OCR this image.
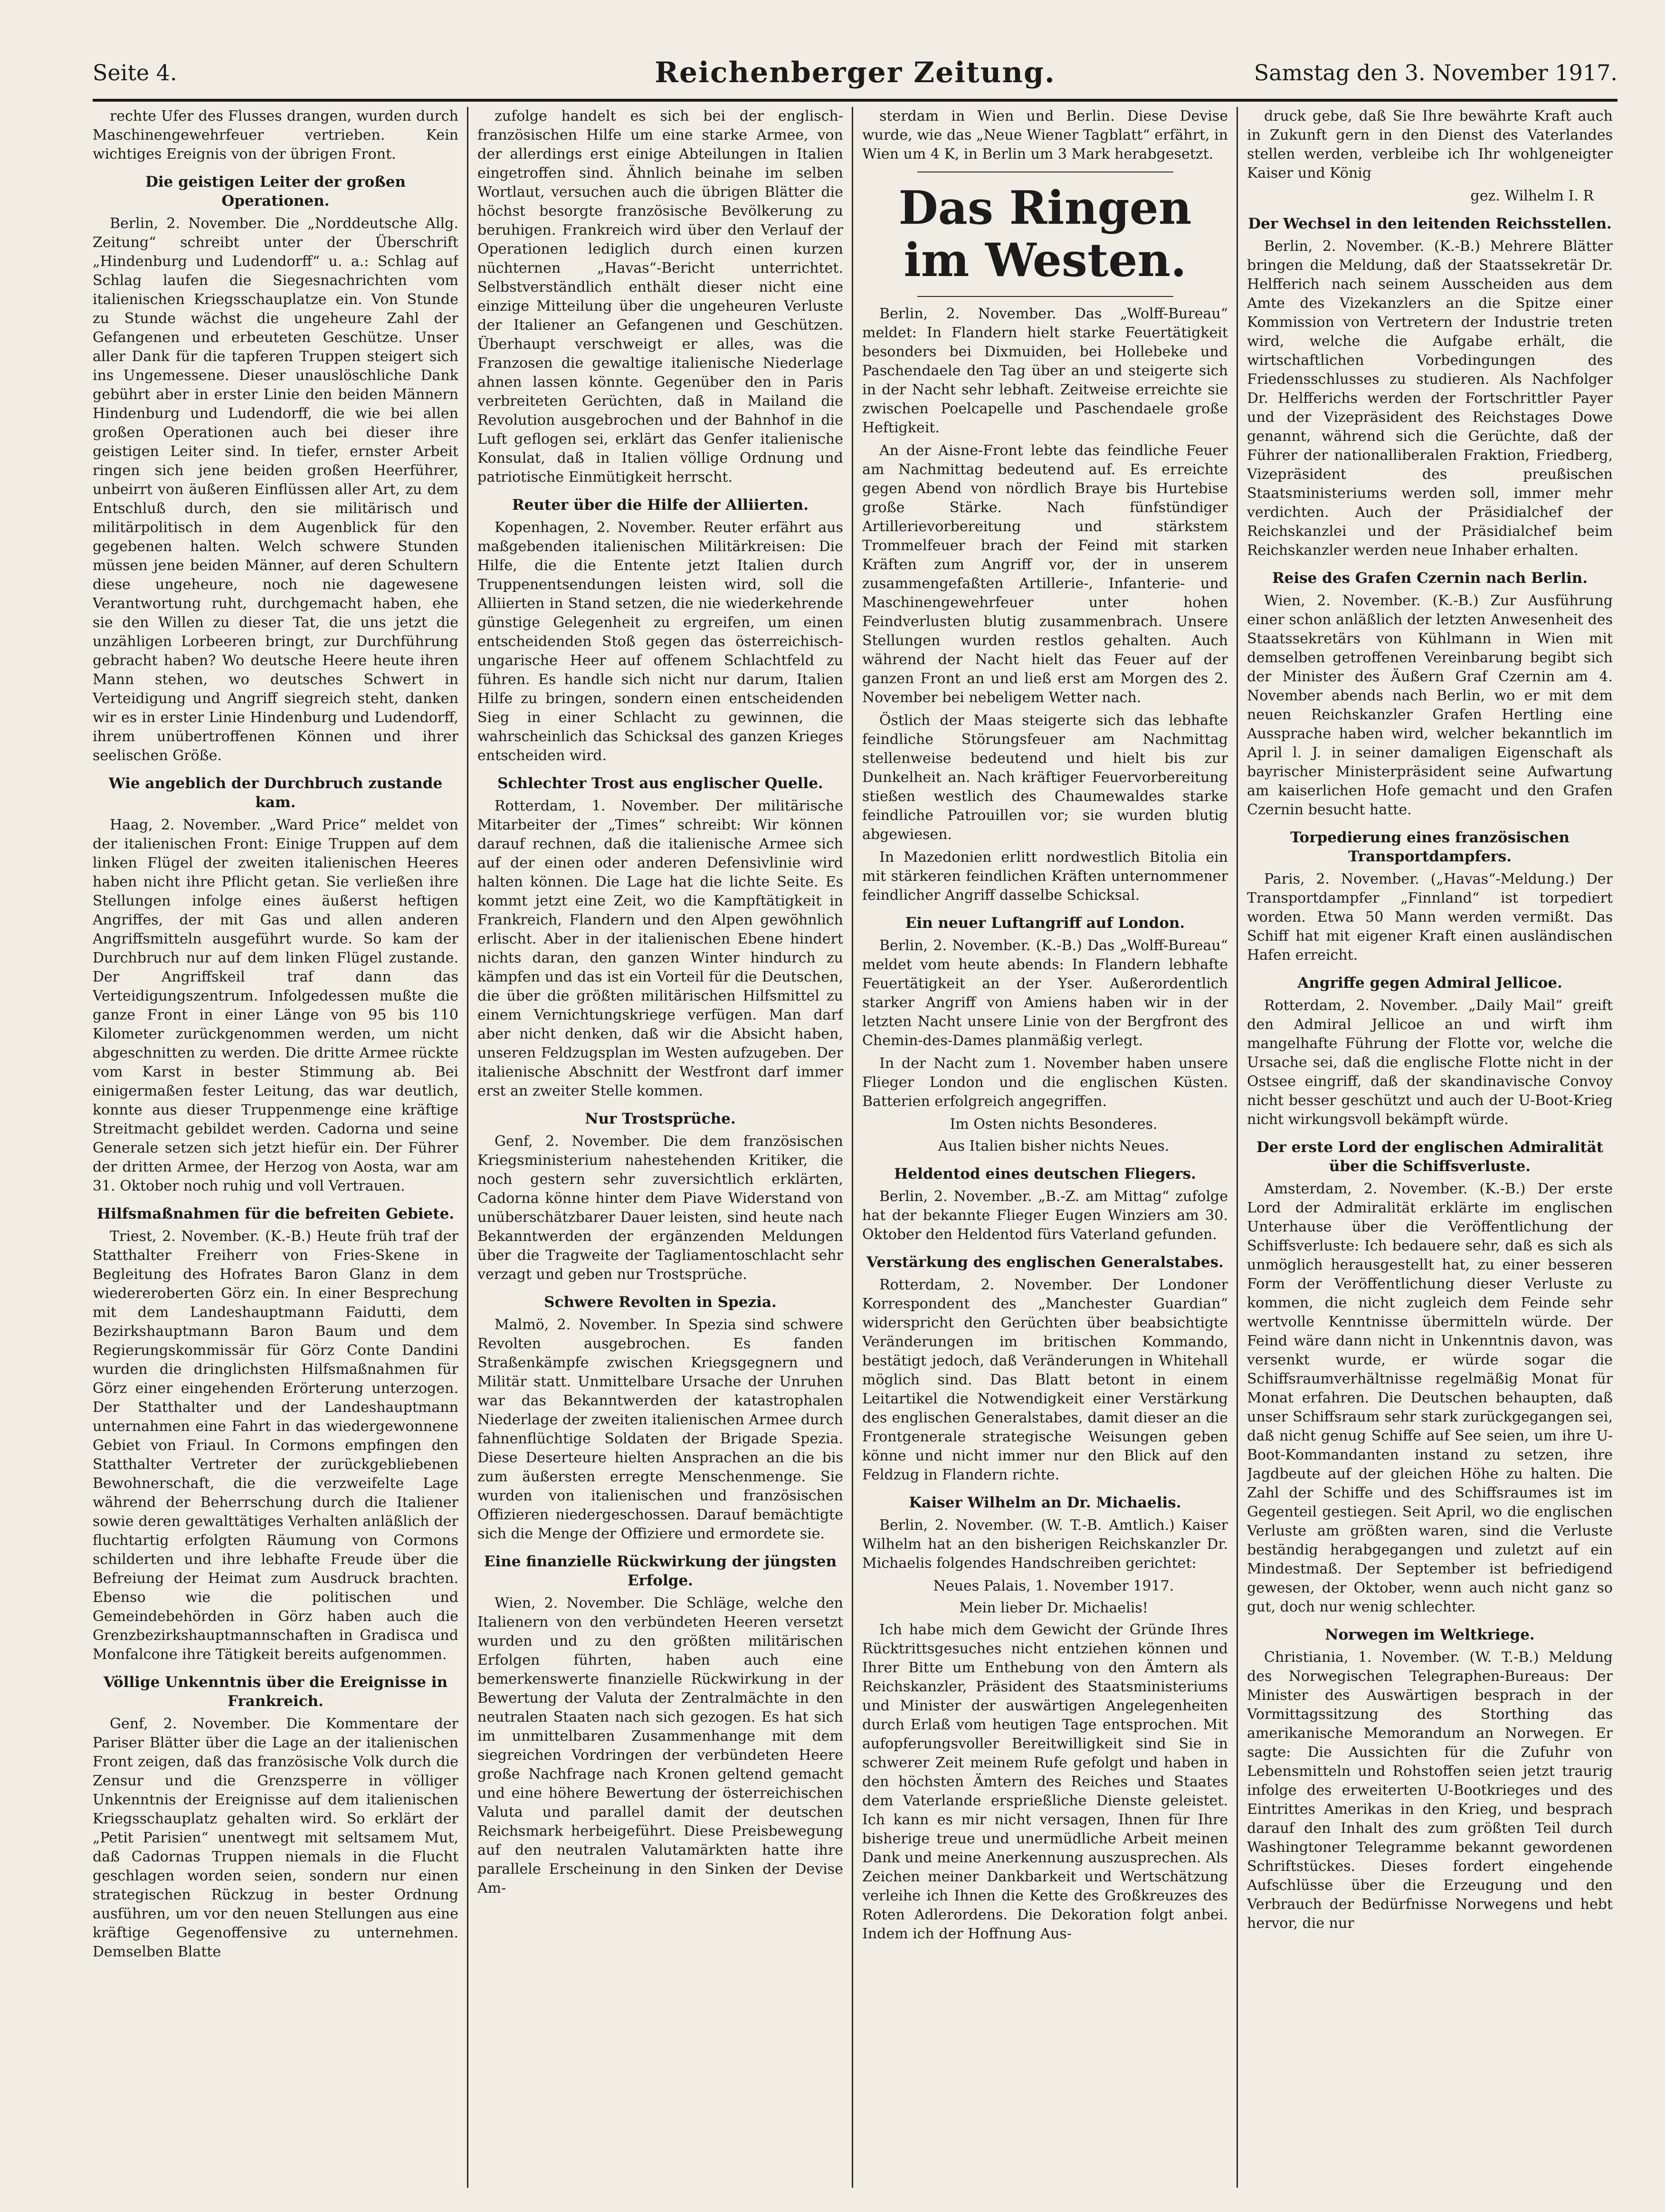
Seite 4.	Reichenberger Zeitung.	Samstag den 3. November 1917.

rechte Ufer des Flusses drangen, wurden durch Maschinengewehrfeuer vertrieben. Kein wichtiges Ereignis von der übrigen Front.

Die geistigen Leiter der großen Operationen.

Berlin, 2. November. Die „Norddeutsche Allg. Zeitung“ schreibt unter der Überschrift „Hindenburg und Ludendorff“ u. a.: Schlag auf Schlag laufen die Siegesnachrichten vom italienischen Kriegsschauplatze ein. Von Stunde zu Stunde wächst die ungeheure Zahl der Gefangenen und erbeuteten Geschütze. Unser aller Dank für die tapferen Truppen steigert sich ins Ungemessene. Dieser unauslöschliche Dank gebührt aber in erster Linie den beiden Männern Hindenburg und Ludendorff, die wie bei allen großen Operationen auch bei dieser ihre geistigen Leiter sind. In tiefer, ernster Arbeit ringen sich jene beiden großen Heerführer, unbeirrt von äußeren Einflüssen aller Art, zu dem Entschluß durch, den sie militärisch und militärpolitisch in dem Augenblick für den gegebenen halten. Welch schwere Stunden müssen jene beiden Männer, auf deren Schultern diese ungeheure, noch nie dagewesene Verantwortung ruht, durchgemacht haben, ehe sie den Willen zu dieser Tat, die uns jetzt die unzähligen Lorbeeren bringt, zur Durchführung gebracht haben? Wo deutsche Heere heute ihren Mann stehen, wo deutsches Schwert in Verteidigung und Angriff siegreich steht, danken wir es in erster Linie Hindenburg und Ludendorff, ihrem unübertroffenen Können und ihrer seelischen Größe.

Wie angeblich der Durchbruch zustande kam.

Haag, 2. November. „Ward Price“ meldet von der italienischen Front: Einige Truppen auf dem linken Flügel der zweiten italienischen Heeres haben nicht ihre Pflicht getan. Sie verließen ihre Stellungen infolge eines äußerst heftigen Angriffes, der mit Gas und allen anderen Angriffsmitteln ausgeführt wurde. So kam der Durchbruch nur auf dem linken Flügel zustande. Der Angriffskeil traf dann das Verteidigungszentrum. Infolgedessen mußte die ganze Front in einer Länge von 95 bis 110 Kilometer zurückgenommen werden, um nicht abgeschnitten zu werden. Die dritte Armee rückte vom Karst in bester Stimmung ab. Bei einigermaßen fester Leitung, das war deutlich, konnte aus dieser Truppenmenge eine kräftige Streitmacht gebildet werden. Cadorna und seine Generale setzen sich jetzt hiefür ein. Der Führer der dritten Armee, der Herzog von Aosta, war am 31. Oktober noch ruhig und voll Vertrauen.

Hilfsmaßnahmen für die befreiten Gebiete.

Triest, 2. November. (K.-B.) Heute früh traf der Statthalter Freiherr von Fries-Skene in Begleitung des Hofrates Baron Glanz in dem wiedereroberten Görz ein. In einer Besprechung mit dem Landeshauptmann Faidutti, dem Bezirkshauptmann Baron Baum und dem Regierungskommissär für Görz Conte Dandini wurden die dringlichsten Hilfsmaßnahmen für Görz einer eingehenden Erörterung unterzogen. Der Statthalter und der Landeshauptmann unternahmen eine Fahrt in das wiedergewonnene Gebiet von Friaul. In Cormons empfingen den Statthalter Vertreter der zurückgebliebenen Bewohnerschaft, die die verzweifelte Lage während der Beherrschung durch die Italiener sowie deren gewalttätiges Verhalten anläßlich der fluchtartig erfolgten Räumung von Cormons schilderten und ihre lebhafte Freude über die Befreiung der Heimat zum Ausdruck brachten. Ebenso wie die politischen und Gemeindebehörden in Görz haben auch die Grenzbezirkshauptmannschaften in Gradisca und Monfalcone ihre Tätigkeit bereits aufgenommen.

Völlige Unkenntnis über die Ereignisse in Frankreich.

Genf, 2. November. Die Kommentare der Pariser Blätter über die Lage an der italienischen Front zeigen, daß das französische Volk durch die Zensur und die Grenzsperre in völliger Unkenntnis der Ereignisse auf dem italienischen Kriegsschauplatz gehalten wird. So erklärt der „Petit Parisien“ unentwegt mit seltsamem Mut, daß Cadornas Truppen niemals in die Flucht geschlagen worden seien, sondern nur einen strategischen Rückzug in bester Ordnung ausführen, um vor den neuen Stellungen aus eine kräftige Gegenoffensive zu unternehmen. Demselben Blatte

zufolge handelt es sich bei der englisch-französischen Hilfe um eine starke Armee, von der allerdings erst einige Abteilungen in Italien eingetroffen sind. Ähnlich beinahe im selben Wortlaut, versuchen auch die übrigen Blätter die höchst besorgte französische Bevölkerung zu beruhigen. Frankreich wird über den Verlauf der Operationen lediglich durch einen kurzen nüchternen „Havas“-Bericht unterrichtet. Selbstverständlich enthält dieser nicht eine einzige Mitteilung über die ungeheuren Verluste der Italiener an Gefangenen und Geschützen. Überhaupt verschweigt er alles, was die Franzosen die gewaltige italienische Niederlage ahnen lassen könnte. Gegenüber den in Paris verbreiteten Gerüchten, daß in Mailand die Revolution ausgebrochen und der Bahnhof in die Luft geflogen sei, erklärt das Genfer italienische Konsulat, daß in Italien völlige Ordnung und patriotische Einmütigkeit herrscht.

Reuter über die Hilfe der Alliierten.

Kopenhagen, 2. November. Reuter erfährt aus maßgebenden italienischen Militärkreisen: Die Hilfe, die die Entente jetzt Italien durch Truppenentsendungen leisten wird, soll die Alliierten in Stand setzen, die nie wiederkehrende günstige Gelegenheit zu ergreifen, um einen entscheidenden Stoß gegen das österreichisch-ungarische Heer auf offenem Schlachtfeld zu führen. Es handle sich nicht nur darum, Italien Hilfe zu bringen, sondern einen entscheidenden Sieg in einer Schlacht zu gewinnen, die wahrscheinlich das Schicksal des ganzen Krieges entscheiden wird.

Schlechter Trost aus englischer Quelle.

Rotterdam, 1. November. Der militärische Mitarbeiter der „Times“ schreibt: Wir können darauf rechnen, daß die italienische Armee sich auf der einen oder anderen Defensivlinie wird halten können. Die Lage hat die lichte Seite. Es kommt jetzt eine Zeit, wo die Kampftätigkeit in Frankreich, Flandern und den Alpen gewöhnlich erlischt. Aber in der italienischen Ebene hindert nichts daran, den ganzen Winter hindurch zu kämpfen und das ist ein Vorteil für die Deutschen, die über die größten militärischen Hilfsmittel zu einem Vernichtungskriege verfügen. Man darf aber nicht denken, daß wir die Absicht haben, unseren Feldzugsplan im Westen aufzugeben. Der italienische Abschnitt der Westfront darf immer erst an zweiter Stelle kommen.

Nur Trostsprüche.

Genf, 2. November. Die dem französischen Kriegsministerium nahestehenden Kritiker, die noch gestern sehr zuversichtlich erklärten, Cadorna könne hinter dem Piave Widerstand von unüberschätzbarer Dauer leisten, sind heute nach Bekanntwerden der ergänzenden Meldungen über die Tragweite der Tagliamentoschlacht sehr verzagt und geben nur Trostsprüche.

Schwere Revolten in Spezia.

Malmö, 2. November. In Spezia sind schwere Revolten ausgebrochen. Es fanden Straßenkämpfe zwischen Kriegsgegnern und Militär statt. Unmittelbare Ursache der Unruhen war das Bekanntwerden der katastrophalen Niederlage der zweiten italienischen Armee durch fahnenflüchtige Soldaten der Brigade Spezia. Diese Deserteure hielten Ansprachen an die bis zum äußersten erregte Menschenmenge. Sie wurden von italienischen und französischen Offizieren niedergeschossen. Darauf bemächtigte sich die Menge der Offiziere und ermordete sie.

Eine finanzielle Rückwirkung der jüngsten Erfolge.

Wien, 2. November. Die Schläge, welche den Italienern von den verbündeten Heeren versetzt wurden und zu den größten militärischen Erfolgen führten, haben auch eine bemerkenswerte finanzielle Rückwirkung in der Bewertung der Valuta der Zentralmächte in den neutralen Staaten nach sich gezogen. Es hat sich im unmittelbaren Zusammenhange mit dem siegreichen Vordringen der verbündeten Heere große Nachfrage nach Kronen geltend gemacht und eine höhere Bewertung der österreichischen Valuta und parallel damit der deutschen Reichsmark herbeigeführt. Diese Preisbewegung auf den neutralen Valutamärkten hatte ihre parallele Erscheinung in den Sinken der Devise Am-

sterdam in Wien und Berlin. Diese Devise wurde, wie das „Neue Wiener Tagblatt“ erfährt, in Wien um 4 K, in Berlin um 3 Mark herabgesetzt.

Das Ringen im Westen.

Berlin, 2. November. Das „Wolff-Bureau“ meldet: In Flandern hielt starke Feuertätigkeit besonders bei Dixmuiden, bei Hollebeke und Paschendaele den Tag über an und steigerte sich in der Nacht sehr lebhaft. Zeitweise erreichte sie zwischen Poelcapelle und Paschendaele große Heftigkeit.

An der Aisne-Front lebte das feindliche Feuer am Nachmittag bedeutend auf. Es erreichte gegen Abend von nördlich Braye bis Hurtebise große Stärke. Nach fünfstündiger Artillerievorbereitung und stärkstem Trommelfeuer brach der Feind mit starken Kräften zum Angriff vor, der in unserem zusammengefaßten Artillerie-, Infanterie- und Maschinengewehrfeuer unter hohen Feindverlusten blutig zusammenbrach. Unsere Stellungen wurden restlos gehalten. Auch während der Nacht hielt das Feuer auf der ganzen Front an und ließ erst am Morgen des 2. November bei nebeligem Wetter nach.

Östlich der Maas steigerte sich das lebhafte feindliche Störungsfeuer am Nachmittag stellenweise bedeutend und hielt bis zur Dunkelheit an. Nach kräftiger Feuervorbereitung stießen westlich des Chaumewaldes starke feindliche Patrouillen vor; sie wurden blutig abgewiesen.

In Mazedonien erlitt nordwestlich Bitolia ein mit stärkeren feindlichen Kräften unternommener feindlicher Angriff dasselbe Schicksal.

Ein neuer Luftangriff auf London.

Berlin, 2. November. (K.-B.) Das „Wolff-Bureau“ meldet vom heute abends: In Flandern lebhafte Feuertätigkeit an der Yser. Außerordentlich starker Angriff von Amiens haben wir in der letzten Nacht unsere Linie von der Bergfront des Chemin-des-Dames planmäßig verlegt.

In der Nacht zum 1. November haben unsere Flieger London und die englischen Küsten. Batterien erfolgreich angegriffen.

Im Osten nichts Besonderes.

Aus Italien bisher nichts Neues.

Heldentod eines deutschen Fliegers.

Berlin, 2. November. „B.-Z. am Mittag“ zufolge hat der bekannte Flieger Eugen Winziers am 30. Oktober den Heldentod fürs Vaterland gefunden.

Verstärkung des englischen Generalstabes.

Rotterdam, 2. November. Der Londoner Korrespondent des „Manchester Guardian“ widerspricht den Gerüchten über beabsichtigte Veränderungen im britischen Kommando, bestätigt jedoch, daß Veränderungen in Whitehall möglich sind. Das Blatt betont in einem Leitartikel die Notwendigkeit einer Verstärkung des englischen Generalstabes, damit dieser an die Frontgenerale strategische Weisungen geben könne und nicht immer nur den Blick auf den Feldzug in Flandern richte.

Kaiser Wilhelm an Dr. Michaelis.

Berlin, 2. November. (W. T.-B. Amtlich.) Kaiser Wilhelm hat an den bisherigen Reichskanzler Dr. Michaelis folgendes Handschreiben gerichtet:

Neues Palais, 1. November 1917.

Mein lieber Dr. Michaelis!

Ich habe mich dem Gewicht der Gründe Ihres Rücktrittsgesuches nicht entziehen können und Ihrer Bitte um Enthebung von den Ämtern als Reichskanzler, Präsident des Staatsministeriums und Minister der auswärtigen Angelegenheiten durch Erlaß vom heutigen Tage entsprochen. Mit aufopferungsvoller Bereitwilligkeit sind Sie in schwerer Zeit meinem Rufe gefolgt und haben in den höchsten Ämtern des Reiches und Staates dem Vaterlande ersprießliche Dienste geleistet. Ich kann es mir nicht versagen, Ihnen für Ihre bisherige treue und unermüdliche Arbeit meinen Dank und meine Anerkennung auszusprechen. Als Zeichen meiner Dankbarkeit und Wertschätzung verleihe ich Ihnen die Kette des Großkreuzes des Roten Adlerordens. Die Dekoration folgt anbei. Indem ich der Hoffnung Aus-

druck gebe, daß Sie Ihre bewährte Kraft auch in Zukunft gern in den Dienst des Vaterlandes stellen werden, verbleibe ich Ihr wohlgeneigter Kaiser und König

gez. Wilhelm I. R

Der Wechsel in den leitenden Reichsstellen.

Berlin, 2. November. (K.-B.) Mehrere Blätter bringen die Meldung, daß der Staatssekretär Dr. Helfferich nach seinem Ausscheiden aus dem Amte des Vizekanzlers an die Spitze einer Kommission von Vertretern der Industrie treten wird, welche die Aufgabe erhält, die wirtschaftlichen Vorbedingungen des Friedensschlusses zu studieren. Als Nachfolger Dr. Helfferichs werden der Fortschrittler Payer und der Vizepräsident des Reichstages Dowe genannt, während sich die Gerüchte, daß der Führer der nationalliberalen Fraktion, Friedberg, Vizepräsident des preußischen Staatsministeriums werden soll, immer mehr verdichten. Auch der Präsidialchef der Reichskanzlei und der Präsidialchef beim Reichskanzler werden neue Inhaber erhalten.

Reise des Grafen Czernin nach Berlin.

Wien, 2. November. (K.-B.) Zur Ausführung einer schon anläßlich der letzten Anwesenheit des Staatssekretärs von Kühlmann in Wien mit demselben getroffenen Vereinbarung begibt sich der Minister des Äußern Graf Czernin am 4. November abends nach Berlin, wo er mit dem neuen Reichskanzler Grafen Hertling eine Aussprache haben wird, welcher bekanntlich im April l. J. in seiner damaligen Eigenschaft als bayrischer Ministerpräsident seine Aufwartung am kaiserlichen Hofe gemacht und den Grafen Czernin besucht hatte.

Torpedierung eines französischen Transportdampfers.

Paris, 2. November. („Havas“-Meldung.) Der Transportdampfer „Finnland“ ist torpediert worden. Etwa 50 Mann werden vermißt. Das Schiff hat mit eigener Kraft einen ausländischen Hafen erreicht.

Angriffe gegen Admiral Jellicoe.

Rotterdam, 2. November. „Daily Mail“ greift den Admiral Jellicoe an und wirft ihm mangelhafte Führung der Flotte vor, welche die Ursache sei, daß die englische Flotte nicht in der Ostsee eingriff, daß der skandinavische Convoy nicht besser geschützt und auch der U-Boot-Krieg nicht wirkungsvoll bekämpft würde.

Der erste Lord der englischen Admiralität über die Schiffsverluste.

Amsterdam, 2. November. (K.-B.) Der erste Lord der Admiralität erklärte im englischen Unterhause über die Veröffentlichung der Schiffsverluste: Ich bedauere sehr, daß es sich als unmöglich herausgestellt hat, zu einer besseren Form der Veröffentlichung dieser Verluste zu kommen, die nicht zugleich dem Feinde sehr wertvolle Kenntnisse übermitteln würde. Der Feind wäre dann nicht in Unkenntnis davon, was versenkt wurde, er würde sogar die Schiffsraumverhältnisse regelmäßig Monat für Monat erfahren. Die Deutschen behaupten, daß unser Schiffsraum sehr stark zurückgegangen sei, daß nicht genug Schiffe auf See seien, um ihre U-Boot-Kommandanten instand zu setzen, ihre Jagdbeute auf der gleichen Höhe zu halten. Die Zahl der Schiffe und des Schiffsraumes ist im Gegenteil gestiegen. Seit April, wo die englischen Verluste am größten waren, sind die Verluste beständig herabgegangen und zuletzt auf ein Mindestmaß. Der September ist befriedigend gewesen, der Oktober, wenn auch nicht ganz so gut, doch nur wenig schlechter.

Norwegen im Weltkriege.

Christiania, 1. November. (W. T.-B.) Meldung des Norwegischen Telegraphen-Bureaus: Der Minister des Auswärtigen besprach in der Vormittagssitzung des Storthing das amerikanische Memorandum an Norwegen. Er sagte: Die Aussichten für die Zufuhr von Lebensmitteln und Rohstoffen seien jetzt traurig infolge des erweiterten U-Bootkrieges und des Eintrittes Amerikas in den Krieg, und besprach darauf den Inhalt des zum größten Teil durch Washingtoner Telegramme bekannt gewordenen Schriftstückes. Dieses fordert eingehende Aufschlüsse über die Erzeugung und den Verbrauch der Bedürfnisse Norwegens und hebt hervor, die nur
